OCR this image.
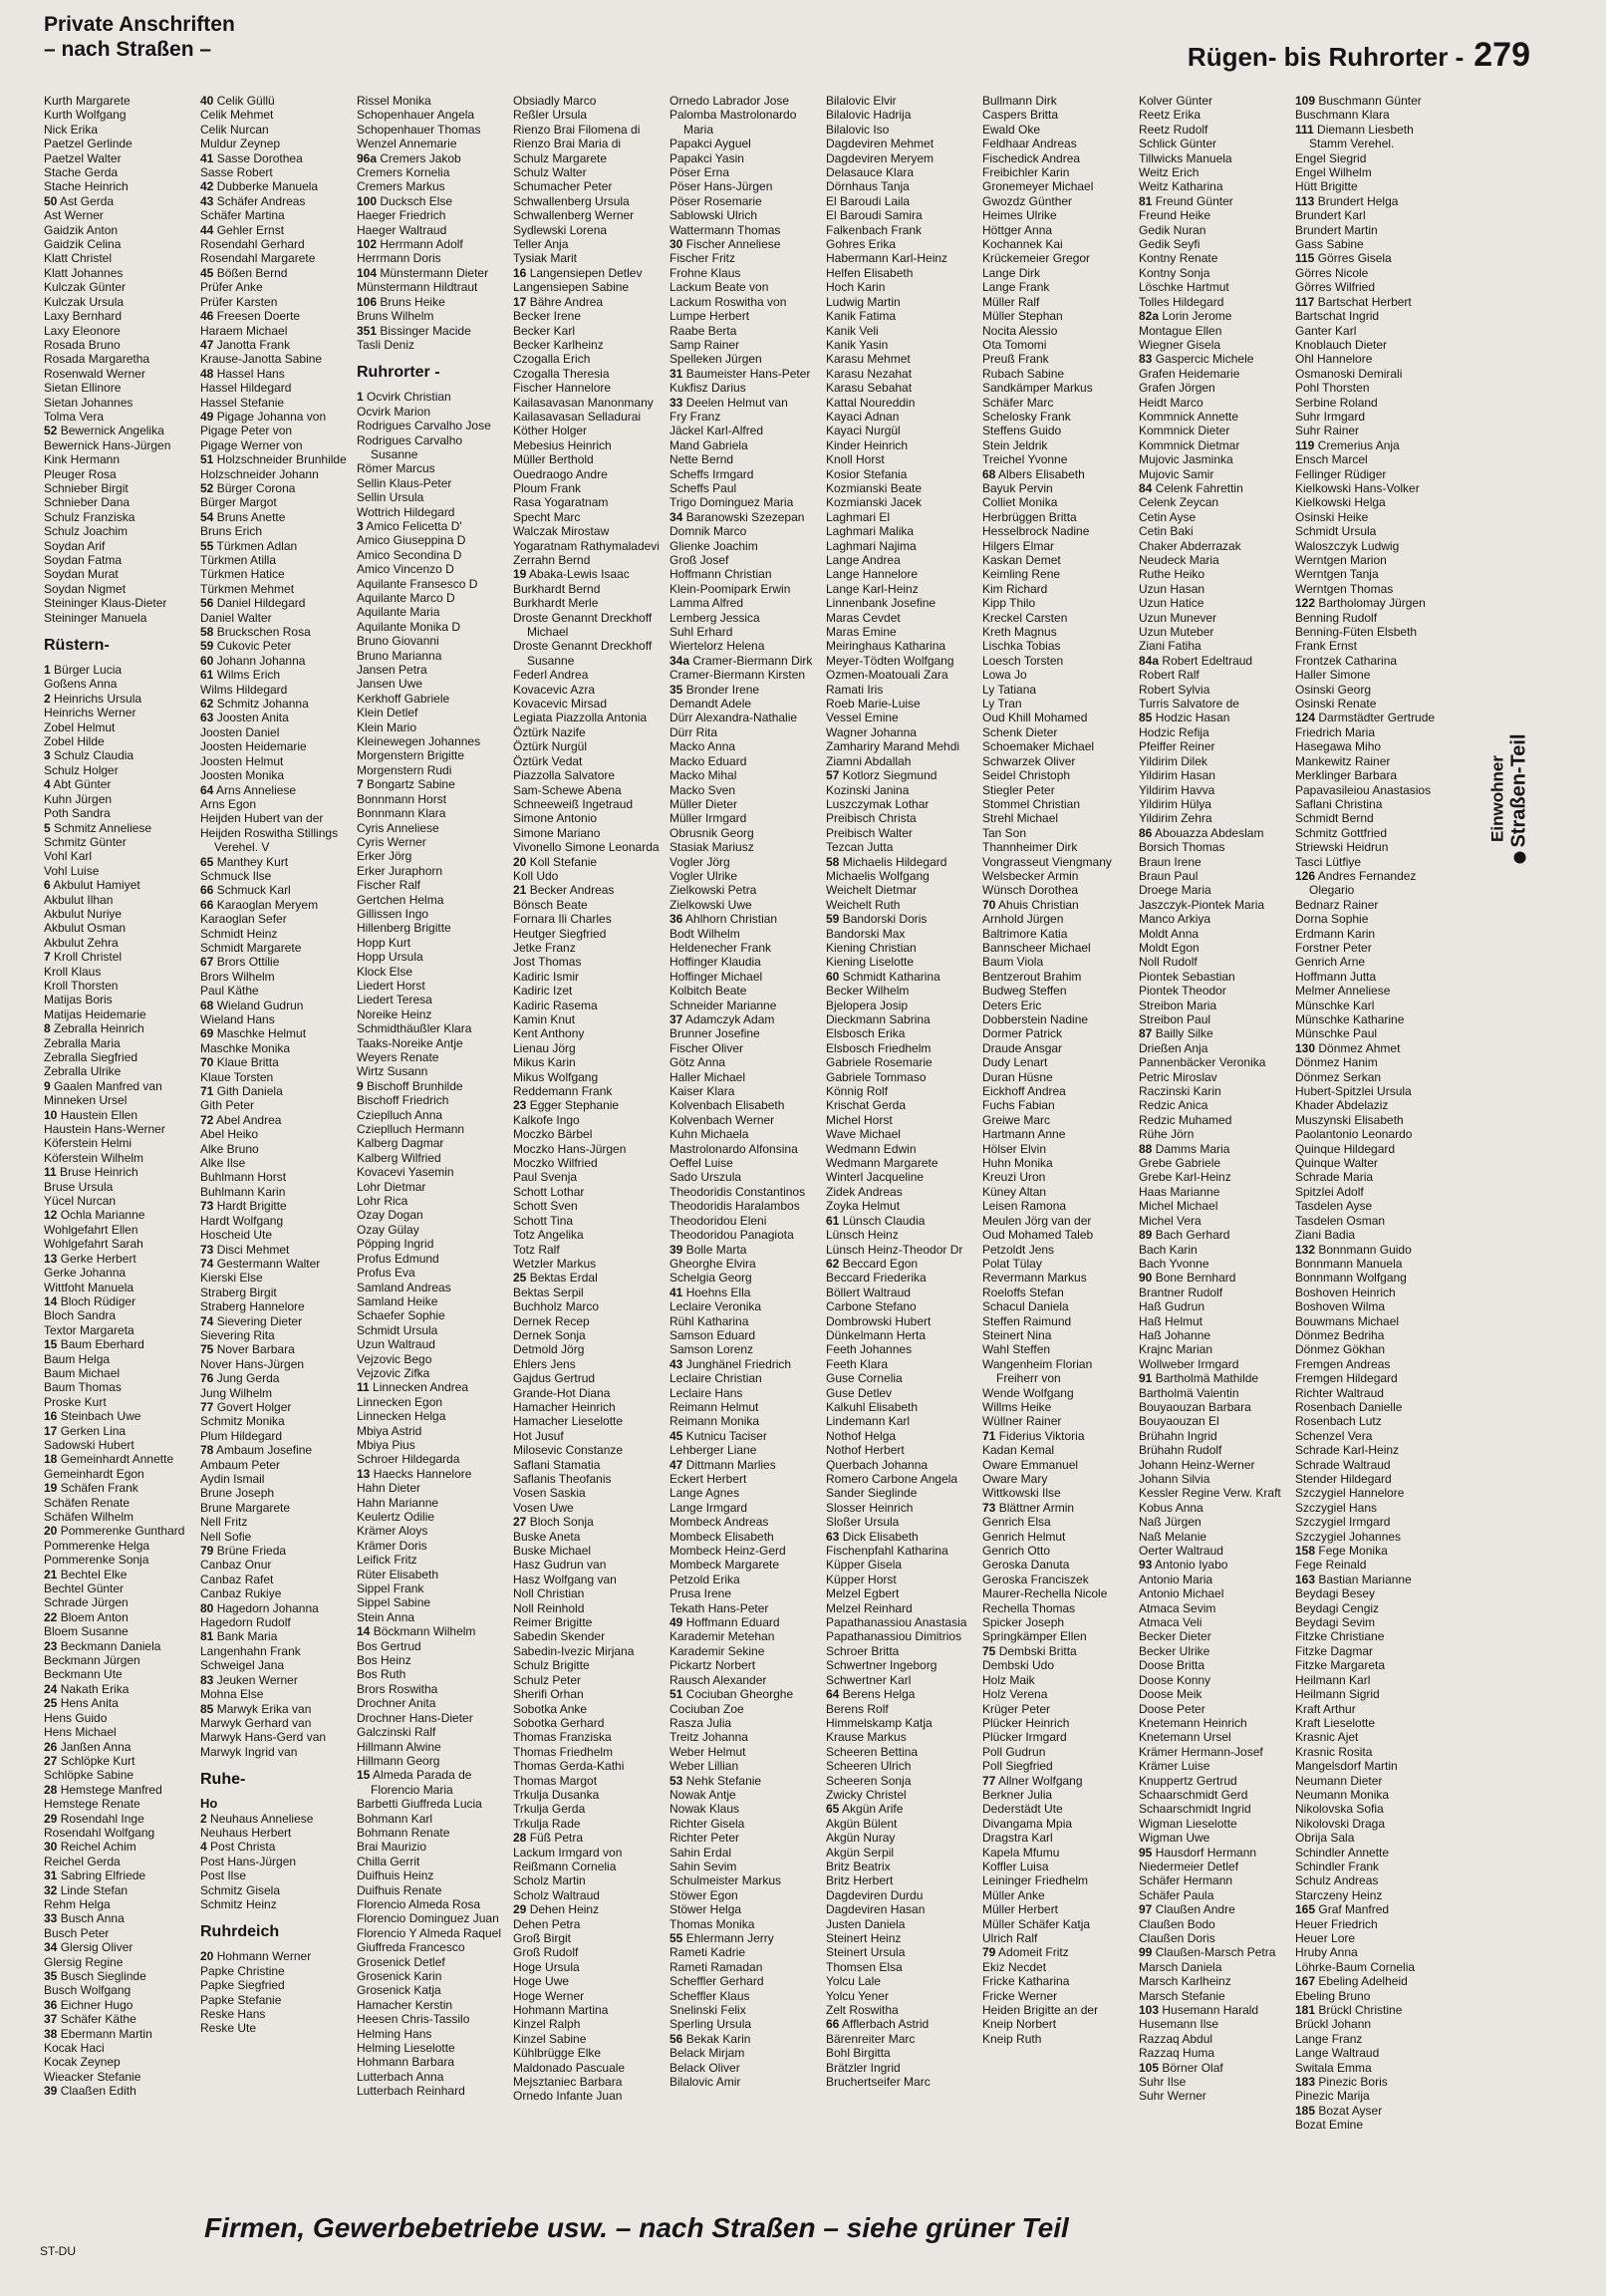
Private Anschriften
– nach Straßen –	Rügen- bis Ruhrorter - 279
Kurth Margarete
Kurth Wolfgang
Nick Erika
Paetzel Gerlinde
Paetzel Walter
Stache Gerda
Stache Heinrich
50 Ast Gerda
Ast Werner
Gaidzik Anton
Gaidzik Celina
Klatt Christel
Klatt Johannes
Kulczak Günter
Kulczak Ursula
Laxy Bernhard
Laxy Eleonore
Rosada Bruno
Rosada Margaretha
Rosenwald Werner
Sietan Ellinore
Sietan Johannes
Tolma Vera
52 Bewernick Angelika
Bewernick Hans-Jürgen
Kink Hermann
Pleuger Rosa
Schnieber Birgit
Schnieber Dana
Schulz Franziska
Schulz Joachim
Soydan Arif
Soydan Fatma
Soydan Murat
Soydan Nigmet
Steininger Klaus-Dieter
Steininger Manuela
Rüstern-
1 Bürger Lucia
Goßens Anna
2 Heinrichs Ursula
Heinrichs Werner
Zobel Helmut
Zobel Hilde
3 Schulz Claudia
Schulz Holger
4 Abt Günter
Kuhn Jürgen
Poth Sandra
5 Schmitz Anneliese
Schmitz Günter
Vohl Karl
Vohl Luise
6 Akbulut Hamiyet
Akbulut Ilhan
Akbulut Nuriye
Akbulut Osman
Akbulut Zehra
7 Kroll Christel
Kroll Klaus
Kroll Thorsten
Matijas Boris
Matijas Heidemarie
8 Zebralla Heinrich
Zebralla Maria
Zebralla Siegfried
Zebralla Ulrike
9 Gaalen Manfred van
Minneken Ursel
10 Haustein Ellen
Haustein Hans-Werner
Köferstein Helmi
Köferstein Wilhelm
11 Bruse Heinrich
Bruse Ursula
Yücel Nurcan
12 Ochla Marianne
Wohlgefahrt Ellen
Wohlgefahrt Sarah
13 Gerke Herbert
Gerke Johanna
Wittfoht Manuela
14 Bloch Rüdiger
Bloch Sandra
Textor Margareta
15 Baum Eberhard
Baum Helga
Baum Michael
Baum Thomas
Proske Kurt
16 Steinbach Uwe
17 Gerken Lina
Sadowski Hubert
18 Gemeinhardt Annette
Gemeinhardt Egon
19 Schäfen Frank
Schäfen Renate
Schäfen Wilhelm
20 Pommerenke Gunthard
Pommerenke Helga
Pommerenke Sonja
21 Bechtel Elke
Bechtel Günter
Schrade Jürgen
22 Bloem Anton
Bloem Susanne
23 Beckmann Daniela
Beckmann Jürgen
Beckmann Ute
24 Nakath Erika
25 Hens Anita
Hens Guido
Hens Michael
26 Janßen Anna
27 Schlöpke Kurt
Schlöpke Sabine
28 Hemstege Manfred
Hemstege Renate
29 Rosendahl Inge
Rosendahl Wolfgang
30 Reichel Achim
Reichel Gerda
31 Sabring Elfriede
32 Linde Stefan
Rehm Helga
33 Busch Anna
Busch Peter
34 Glersig Oliver
Glersig Regine
35 Busch Sieglinde
Busch Wolfgang
36 Eichner Hugo
37 Schäfer Käthe
38 Ebermann Martin
Kocak Haci
Kocak Zeynep
Wieacker Stefanie
39 Claaßen Edith
40 Celik Güllü
Celik Mehmet
Celik Nurcan
Muldur Zeynep
41 Sasse Dorothea
Sasse Robert
42 Dubberke Manuela
43 Schäfer Andreas
Schäfer Martina
44 Gehler Ernst
Rosendahl Gerhard
Rosendahl Margarete
45 Bößen Bernd
Prüfer Anke
Prüfer Karsten
46 Freesen Doerte
Haraem Michael
47 Janotta Frank
Krause-Janotta Sabine
48 Hassel Hans
Hassel Hildegard
Hassel Stefanie
49 Pigage Johanna von
Pigage Peter von
Pigage Werner von
51 Holzschneider Brunhilde
Holzschneider Johann
52 Bürger Corona
Bürger Margot
54 Bruns Anette
Bruns Erich
55 Türkmen Adlan
Türkmen Atilla
Türkmen Hatice
Türkmen Mehmet
56 Daniel Hildegard
Daniel Walter
58 Bruckschen Rosa
59 Cukovic Peter
60 Johann Johanna
61 Wilms Erich
Wilms Hildegard
62 Schmitz Johanna
63 Joosten Anita
Joosten Daniel
Joosten Heidemarie
Joosten Helmut
Joosten Monika
64 Arns Anneliese
Arns Egon
Heijden Hubert van der
Heijden Roswitha Stillings
Verehel. V
65 Manthey Kurt
Schmuck Ilse
66 Schmuck Karl
66 Karaoglan Meryem
Karaoglan Sefer
Schmidt Heinz
Schmidt Margarete
67 Brors Ottilie
Brors Wilhelm
Paul Käthe
68 Wieland Gudrun
Wieland Hans
69 Maschke Helmut
Maschke Monika
70 Klaue Britta
Klaue Torsten
71 Gith Daniela
Gith Peter
72 Abel Andrea
Abel Heiko
Alke Bruno
Alke Ilse
Buhlmann Horst
Buhlmann Karin
73 Hardt Brigitte
Hardt Wolfgang
Hoscheid Ute
73 Disci Mehmet
74 Gestermann Walter
Kierski Else
Straberg Birgit
Straberg Hannelore
74 Sievering Dieter
Sievering Rita
75 Nover Barbara
Nover Hans-Jürgen
76 Jung Gerda
Jung Wilhelm
77 Govert Holger
Schmitz Monika
Plum Hildegard
78 Ambaum Josefine
Ambaum Peter
Aydin Ismail
Brune Joseph
Brune Margarete
Nell Fritz
Nell Sofie
79 Brüne Frieda
Canbaz Onur
Canbaz Rafet
Canbaz Rukiye
80 Hagedorn Johanna
Hagedorn Rudolf
81 Bank Maria
Langenhahn Frank
Schweigel Jana
83 Jeuken Werner
Mohna Else
85 Marwyk Erika van
Marwyk Gerhard van
Marwyk Hans-Gerd van
Marwyk Ingrid van
Ruhe-
Ho
2 Neuhaus Anneliese
Neuhaus Herbert
4 Post Christa
Post Hans-Jürgen
Post Ilse
Schmitz Gisela
Schmitz Heinz
Ruhrdeich
20 Hohmann Werner
Papke Christine
Papke Siegfried
Papke Stefanie
Reske Hans
Reske Ute
Rissel Monika
Schopenhauer Angela
Schopenhauer Thomas
Wenzel Annemarie
96a Cremers Jakob
Cremers Kornelia
Cremers Markus
100 Ducksch Else
Haeger Friedrich
Haeger Waltraud
102 Herrmann Adolf
Herrmann Doris
104 Münstermann Dieter
Münstermann Hildtraut
106 Bruns Heike
Bruns Wilhelm
351 Bissinger Macide
Tasli Deniz
Ruhrorter -
1 Ocvirk Christian
Ocvirk Marion
Rodrigues Carvalho Jose
Rodrigues Carvalho
Susanne
Römer Marcus
Sellin Klaus-Peter
Sellin Ursula
Wottrich Hildegard
3 Amico Felicetta D'
Amico Giuseppina D
Amico Secondina D
Amico Vincenzo D
Aquilante Fransesco D
Aquilante Marco D
Aquilante Maria
Aquilante Monika D
Bruno Giovanni
Bruno Marianna
Jansen Petra
Jansen Uwe
Kerkhoff Gabriele
Klein Detlef
Klein Mario
Kleinewegen Johannes
Morgenstern Brigitte
Morgenstern Rudi
7 Bongartz Sabine
Bonnmann Horst
Bonnmann Klara
Cyris Anneliese
Cyris Werner
Erker Jörg
Erker Juraphorn
Fischer Ralf
Gertchen Helma
Gillissen Ingo
Hillenberg Brigitte
Hopp Kurt
Hopp Ursula
Klock Else
Liedert Horst
Liedert Teresa
Noreike Heinz
Schmidthäußler Klara
Taaks-Noreike Antje
Weyers Renate
Wirtz Susann
9 Bischoff Brunhilde
Bischoff Friedrich
Czieplluch Anna
Czieplluch Hermann
Kalberg Dagmar
Kalberg Wilfried
Kovacevi Yasemin
Lohr Dietmar
Lohr Rica
Ozay Dogan
Ozay Gülay
Pöpping Ingrid
Profus Edmund
Profus Eva
Samland Andreas
Samland Heike
Schaefer Sophie
Schmidt Ursula
Uzun Waltraud
Vejzovic Bego
Vejzovic Zifka
11 Linnecken Andrea
Linnecken Egon
Linnecken Helga
Mbiya Astrid
Mbiya Pius
Schroer Hildegarda
13 Haecks Hannelore
Hahn Dieter
Hahn Marianne
Keulertz Odilie
Krämer Aloys
Krämer Doris
Leifick Fritz
Rüter Elisabeth
Sippel Frank
Sippel Sabine
Stein Anna
14 Böckmann Wilhelm
Bos Gertrud
Bos Heinz
Bos Ruth
Brors Roswitha
Drochner Anita
Drochner Hans-Dieter
Galczinski Ralf
Hillmann Alwine
Hillmann Georg
15 Almeda Parada de
Florencio Maria
Barbetti Giuffreda Lucia
Bohmann Karl
Bohmann Renate
Brai Maurizio
Chilla Gerrit
Duifhuis Heinz
Duifhuis Renate
Florencio Almeda Rosa
Florencio Dominguez Juan
Florencio Y Almeda Raquel
Giuffreda Francesco
Grosenick Detlef
Grosenick Karin
Grosenick Katja
Hamacher Kerstin
Heesen Chris-Tassilo
Helming Hans
Helming Lieselotte
Hohmann Barbara
Lutterbach Anna
Lutterbach Reinhard
Obsiadly Marco
Reßler Ursula
Rienzo Brai Filomena di
Rienzo Brai Maria di
Schulz Margarete
Schulz Walter
Schumacher Peter
Schwallenberg Ursula
Schwallenberg Werner
Sydlewski Lorena
Teller Anja
Tysiak Marit
16 Langensiepen Detlev
Langensiepen Sabine
17 Bähre Andrea
Becker Irene
Becker Karl
Becker Karlheinz
Czogalla Erich
Czogalla Theresia
Fischer Hannelore
Kailasavasan Manonmany
Kailasavasan Selladurai
Köther Holger
Mebesius Heinrich
Müller Berthold
Ouedraogo Andre
Ploum Frank
Rasa Yogaratnam
Specht Marc
Walczak Mirostaw
Yogaratnam Rathymaladevi
Zerrahn Bernd
19 Abaka-Lewis Isaac
Burkhardt Bernd
Burkhardt Merle
Droste Genannt Dreckhoff
Michael
Droste Genannt Dreckhoff
Susanne
Federl Andrea
Kovacevic Azra
Kovacevic Mirsad
Legiata Piazzolla Antonia
Öztürk Nazife
Öztürk Nurgül
Öztürk Vedat
Piazzolla Salvatore
Sam-Schewe Abena
Schneeweiß Ingetraud
Simone Antonio
Simone Mariano
Vivonello Simone Leonarda
20 Koll Stefanie
Koll Udo
21 Becker Andreas
Bönsch Beate
Fornara Ili Charles
Heutger Siegfried
Jetke Franz
Jost Thomas
Kadiric Ismir
Kadiric Izet
Kadiric Rasema
Kamin Knut
Kent Anthony
Lienau Jörg
Mikus Karin
Mikus Wolfgang
Reddemann Frank
23 Egger Stephanie
Kalkofe Ingo
Moczko Bärbel
Moczko Hans-Jürgen
Moczko Wilfried
Paul Svenja
Schott Lothar
Schott Sven
Schott Tina
Totz Angelika
Totz Ralf
Wetzler Markus
25 Bektas Erdal
Bektas Serpil
Buchholz Marco
Dernek Recep
Dernek Sonja
Detmold Jörg
Ehlers Jens
Gajdus Gertrud
Grande-Hot Diana
Hamacher Heinrich
Hamacher Lieselotte
Hot Jusuf
Milosevic Constanze
Saflani Stamatia
Saflanis Theofanis
Vosen Saskia
Vosen Uwe
27 Bloch Sonja
Buske Aneta
Buske Michael
Hasz Gudrun van
Hasz Wolfgang van
Noll Christian
Noll Reinhold
Reimer Brigitte
Sabedin Skender
Sabedin-Ivezic Mirjana
Schulz Brigitte
Schulz Peter
Sherifi Orhan
Sobotka Anke
Sobotka Gerhard
Thomas Franziska
Thomas Friedhelm
Thomas Gerda-Kathi
Thomas Margot
Trkulja Dusanka
Trkulja Gerda
Trkulja Rade
28 Füß Petra
Lackum Irmgard von
Reißmann Cornelia
Scholz Martin
Scholz Waltraud
29 Dehen Heinz
Dehen Petra
Groß Birgit
Groß Rudolf
Hoge Ursula
Hoge Uwe
Hoge Werner
Hohmann Martina
Kinzel Ralph
Kinzel Sabine
Kühlbrügge Elke
Maldonado Pascuale
Mejsztaniec Barbara
Ornedo Infante Juan
Ornedo Labrador Jose
Palomba Mastrolonardo
Maria
Papakci Ayguel
Papakci Yasin
Pöser Erna
Pöser Hans-Jürgen
Pöser Rosemarie
Sablowski Ulrich
Wattermann Thomas
30 Fischer Anneliese
Fischer Fritz
Frohne Klaus
Lackum Beate von
Lackum Roswitha von
Lumpe Herbert
Raabe Berta
Samp Rainer
Spelleken Jürgen
31 Baumeister Hans-Peter
Kukfisz Darius
33 Deelen Helmut van
Fry Franz
Jäckel Karl-Alfred
Mand Gabriela
Nette Bernd
Scheffs Irmgard
Scheffs Paul
Trigo Dominguez Maria
34 Baranowski Szezepan
Domnik Marco
Glienke Joachim
Groß Josef
Hoffmann Christian
Klein-Poomipark Erwin
Lamma Alfred
Lemberg Jessica
Suhl Erhard
Wiertelorz Helena
34a Cramer-Biermann Dirk
Cramer-Biermann Kirsten
35 Bronder Irene
Demandt Adele
Dürr Alexandra-Nathalie
Dürr Rita
Macko Anna
Macko Eduard
Macko Mihal
Macko Sven
Müller Dieter
Müller Irmgard
Obrusnik Georg
Stasiak Mariusz
Vogler Jörg
Vogler Ulrike
Zielkowski Petra
Zielkowski Uwe
36 Ahlhorn Christian
Bodt Wilhelm
Heldenecher Frank
Hoffinger Klaudia
Hoffinger Michael
Kolbitch Beate
Schneider Marianne
37 Adamczyk Adam
Brunner Josefine
Fischer Oliver
Götz Anna
Haller Michael
Kaiser Klara
Kolvenbach Elisabeth
Kolvenbach Werner
Kuhn Michaela
Mastrolonardo Alfonsina
Oeffel Luise
Sado Urszula
Theodoridis Constantinos
Theodoridis Haralambos
Theodoridou Eleni
Theodoridou Panagiota
39 Bolle Marta
Gheorghe Elvira
Schelgia Georg
41 Hoehns Ella
Leclaire Veronika
Rühl Katharina
Samson Eduard
Samson Lorenz
43 Junghänel Friedrich
Leclaire Christian
Leclaire Hans
Reimann Helmut
Reimann Monika
45 Kutnicu Taciser
Lehberger Liane
47 Dittmann Marlies
Eckert Herbert
Lange Agnes
Lange Irmgard
Mombeck Andreas
Mombeck Elisabeth
Mombeck Heinz-Gerd
Mombeck Margarete
Petzold Erika
Prusa Irene
Tekath Hans-Peter
49 Hoffmann Eduard
Karademir Metehan
Karademir Sekine
Pickartz Norbert
Rausch Alexander
51 Cociuban Gheorghe
Cociuban Zoe
Rasza Julia
Treitz Johanna
Weber Helmut
Weber Lillian
53 Nehk Stefanie
Nowak Antje
Nowak Klaus
Richter Gisela
Richter Peter
Sahin Erdal
Sahin Sevim
Schulmeister Markus
Stöwer Egon
Stöwer Helga
Thomas Monika
55 Ehlermann Jerry
Rameti Kadrie
Rameti Ramadan
Scheffler Gerhard
Scheffler Klaus
Snelinski Felix
Sperling Ursula
56 Bekak Karin
Belack Mirjam
Belack Oliver
Bilalovic Amir
Bilalovic Elvir
Bilalovic Hadrija
Bilalovic Iso
Dagdeviren Mehmet
Dagdeviren Meryem
Delasauce Klara
Dörnhaus Tanja
El Baroudi Laila
El Baroudi Samira
Falkenbach Frank
Gohres Erika
Habermann Karl-Heinz
Helfen Elisabeth
Hoch Karin
Ludwig Martin
Kanik Fatima
Kanik Veli
Kanik Yasin
Karasu Mehmet
Karasu Nezahat
Karasu Sebahat
Kattal Noureddin
Kayaci Adnan
Kayaci Nurgül
Kinder Heinrich
Knoll Horst
Kosior Stefania
Kozmianski Beate
Kozmianski Jacek
Laghmari El
Laghmari Malika
Laghmari Najima
Lange Andrea
Lange Hannelore
Lange Karl-Heinz
Linnenbank Josefine
Maras Cevdet
Maras Emine
Meiringhaus Katharina
Meyer-Tödten Wolfgang
Ozmen-Moatouali Zara
Ramati Iris
Roeb Marie-Luise
Vessel Emine
Wagner Johanna
Zamhariry Marand Mehdi
Ziamni Abdallah
57 Kotlorz Siegmund
Kozinski Janina
Luszczymak Lothar
Preibisch Christa
Preibisch Walter
Tezcan Jutta
58 Michaelis Hildegard
Michaelis Wolfgang
Weichelt Dietmar
Weichelt Ruth
59 Bandorski Doris
Bandorski Max
Kiening Christian
Kiening Liselotte
60 Schmidt Katharina
Becker Wilhelm
Bjelopera Josip
Dieckmann Sabrina
Elsbosch Erika
Elsbosch Friedhelm
Gabriele Rosemarie
Gabriele Tommaso
Könnig Rolf
Krischat Gerda
Michel Horst
Wave Michael
Wedmann Edwin
Wedmann Margarete
Winterl Jacqueline
Zidek Andreas
Zoyka Helmut
61 Lünsch Claudia
Lünsch Heinz
Lünsch Heinz-Theodor Dr
62 Beccard Egon
Beccard Friederika
Böllert Waltraud
Carbone Stefano
Dombrowski Hubert
Dünkelmann Herta
Feeth Johannes
Feeth Klara
Guse Cornelia
Guse Detlev
Kalkuhl Elisabeth
Lindemann Karl
Nothof Helga
Nothof Herbert
Querbach Johanna
Romero Carbone Angela
Sander Sieglinde
Slosser Heinrich
Sloßer Ursula
63 Dick Elisabeth
Fischenpfahl Katharina
Küpper Gisela
Küpper Horst
Melzel Egbert
Melzel Reinhard
Papathanassiou Anastasia
Papathanassiou Dimitrios
Schroer Britta
Schwertner Ingeborg
Schwertner Karl
64 Berens Helga
Berens Rolf
Himmelskamp Katja
Krause Markus
Scheeren Bettina
Scheeren Ulrich
Scheeren Sonja
Zwicky Christel
65 Akgün Arife
Akgün Bülent
Akgün Nuray
Akgün Serpil
Britz Beatrix
Britz Herbert
Dagdeviren Durdu
Dagdeviren Hasan
Justen Daniela
Steinert Heinz
Steinert Ursula
Thomsen Elsa
Yolcu Lale
Yolcu Yener
Zelt Roswitha
66 Afflerbach Astrid
Bärenreiter Marc
Bohl Birgitta
Brätzler Ingrid
Bruchertseifer Marc
Bullmann Dirk
Caspers Britta
Ewald Oke
Feldhaar Andreas
Fischedick Andrea
Freibichler Karin
Gronemeyer Michael
Gwozdz Günther
Heimes Ulrike
Höttger Anna
Kochannek Kai
Krückemeier Gregor
Lange Dirk
Lange Frank
Müller Ralf
Müller Stephan
Nocita Alessio
Ota Tomomi
Preuß Frank
Rubach Sabine
Sandkämper Markus
Schäfer Marc
Schelosky Frank
Steffens Guido
Stein Jeldrik
Treichel Yvonne
68 Albers Elisabeth
Bayuk Pervin
Colliet Monika
Herbrüggen Britta
Hesselbrock Nadine
Hilgers Elmar
Kaskan Demet
Keimling Rene
Kim Richard
Kipp Thilo
Kreckel Carsten
Kreth Magnus
Lischka Tobias
Loesch Torsten
Lowa Jo
Ly Tatiana
Ly Tran
Oud Khill Mohamed
Schenk Dieter
Schoemaker Michael
Schwarzek Oliver
Seidel Christoph
Stiegler Peter
Stommel Christian
Strehl Michael
Tan Son
Thannheimer Dirk
Vongrasseut Viengmany
Welsbecker Armin
Wünsch Dorothea
70 Ahuis Christian
Arnhold Jürgen
Baltrimore Katia
Bannscheer Michael
Baum Viola
Bentzerout Brahim
Budweg Steffen
Deters Eric
Dobberstein Nadine
Dormer Patrick
Draude Ansgar
Dudy Lenart
Duran Hüsne
Eickhoff Andrea
Fuchs Fabian
Greiwe Marc
Hartmann Anne
Hölser Elvin
Huhn Monika
Kreuzi Uron
Küney Altan
Leisen Ramona
Meulen Jörg van der
Oud Mohamed Taleb
Petzoldt Jens
Polat Tülay
Revermann Markus
Roeloffs Stefan
Schacul Daniela
Steffen Raimund
Steinert Nina
Wahl Steffen
Wangenheim Florian
Freiherr von
Wende Wolfgang
Willms Heike
Wüllner Rainer
71 Fiderius Viktoria
Kadan Kemal
Oware Emmanuel
Oware Mary
Wittkowski Ilse
73 Blättner Armin
Genrich Elsa
Genrich Helmut
Genrich Otto
Geroska Danuta
Geroska Franciszek
Maurer-Rechella Nicole
Rechella Thomas
Spicker Joseph
Springkämper Ellen
75 Dembski Britta
Dembski Udo
Holz Maik
Holz Verena
Krüger Peter
Plücker Heinrich
Plücker Irmgard
Poll Gudrun
Poll Siegfried
77 Allner Wolfgang
Berkner Julia
Dederstädt Ute
Divangama Mpia
Dragstra Karl
Kapela Mfumu
Koffler Luisa
Leininger Friedhelm
Müller Anke
Müller Herbert
Müller Schäfer Katja
Ulrich Ralf
79 Adomeit Fritz
Ekiz Necdet
Fricke Katharina
Fricke Werner
Heiden Brigitte an der
Kneip Norbert
Kneip Ruth
Kolver Günter
Reetz Erika
Reetz Rudolf
Schlick Günter
Tillwicks Manuela
Weitz Erich
Weitz Katharina
81 Freund Günter
Freund Heike
Gedik Nuran
Gedik Seyfi
Kontny Renate
Kontny Sonja
Löschke Hartmut
Tolles Hildegard
82a Lorin Jerome
Montague Ellen
Wiegner Gisela
83 Gaspercic Michele
Grafen Heidemarie
Grafen Jörgen
Heidt Marco
Kommnick Annette
Kommnick Dieter
Kommnick Dietmar
Mujovic Jasminka
Mujovic Samir
84 Celenk Fahrettin
Celenk Zeycan
Cetin Ayse
Cetin Baki
Chaker Abderrazak
Neudeck Maria
Ruthe Heiko
Uzun Hasan
Uzun Hatice
Uzun Munever
Uzun Muteber
Ziani Fatiha
84a Robert Edeltraud
Robert Ralf
Robert Sylvia
Turris Salvatore de
85 Hodzic Hasan
Hodzic Refija
Pfeiffer Reiner
Yildirim Dilek
Yildirim Hasan
Yildirim Havva
Yildirim Hülya
Yildirim Zehra
86 Abouazza Abdeslam
Borsich Thomas
Braun Irene
Braun Paul
Droege Maria
Jaszczyk-Piontek Maria
Manco Arkiya
Moldt Anna
Moldt Egon
Noll Rudolf
Piontek Sebastian
Piontek Theodor
Streibon Maria
Streibon Paul
87 Bailly Silke
Drießen Anja
Pannenbäcker Veronika
Petric Miroslav
Raczinski Karin
Redzic Anica
Redzic Muhamed
Rühe Jörn
88 Damms Maria
Grebe Gabriele
Grebe Karl-Heinz
Haas Marianne
Michel Michael
Michel Vera
89 Bach Gerhard
Bach Karin
Bach Yvonne
90 Bone Bernhard
Brantner Rudolf
Haß Gudrun
Haß Helmut
Haß Johanne
Krajnc Marian
Wollweber Irmgard
91 Bartholmä Mathilde
Bartholmä Valentin
Bouyaouzan Barbara
Bouyaouzan El
Brühahn Ingrid
Brühahn Rudolf
Johann Heinz-Werner
Johann Silvia
Kessler Regine Verw. Kraft
Kobus Anna
Naß Jürgen
Naß Melanie
Oerter Waltraud
93 Antonio Iyabo
Antonio Maria
Antonio Michael
Atmaca Sevim
Atmaca Veli
Becker Dieter
Becker Ulrike
Doose Britta
Doose Konny
Doose Meik
Doose Peter
Knetemann Heinrich
Knetemann Ursel
Krämer Hermann-Josef
Krämer Luise
Knuppertz Gertrud
Schaarschmidt Gerd
Schaarschmidt Ingrid
Wigman Lieselotte
Wigman Uwe
95 Hausdorf Hermann
Niedermeier Detlef
Schäfer Hermann
Schäfer Paula
97 Claußen Andre
Claußen Bodo
Claußen Doris
99 Claußen-Marsch Petra
Marsch Daniela
Marsch Karlheinz
Marsch Stefanie
103 Husemann Harald
Husemann Ilse
Razzaq Abdul
Razzaq Huma
105 Börner Olaf
Suhr Ilse
Suhr Werner
109 Buschmann Günter
Buschmann Klara
111 Diemann Liesbeth
Stamm Verehel.
Engel Siegrid
Engel Wilhelm
Hütt Brigitte
113 Brundert Helga
Brundert Karl
Brundert Martin
Gass Sabine
115 Görres Gisela
Görres Nicole
Görres Wilfried
117 Bartschat Herbert
Bartschat Ingrid
Ganter Karl
Knoblauch Dieter
Ohl Hannelore
Osmanoski Demirali
Pohl Thorsten
Serbine Roland
Suhr Irmgard
Suhr Rainer
119 Cremerius Anja
Ensch Marcel
Fellinger Rüdiger
Kielkowski Hans-Volker
Kielkowski Helga
Osinski Heike
Schmidt Ursula
Waloszczyk Ludwig
Werntgen Marion
Werntgen Tanja
Werntgen Thomas
122 Bartholomay Jürgen
Benning Rudolf
Benning-Füten Elsbeth
Frank Ernst
Frontzek Catharina
Haller Simone
Osinski Georg
Osinski Renate
124 Darmstädter Gertrude
Friedrich Maria
Hasegawa Miho
Mankewitz Rainer
Merklinger Barbara
Papavasileiou Anastasios
Saflani Christina
Schmidt Bernd
Schmitz Gottfried
Striewski Heidrun
Tasci Lütfiye
126 Andres Fernandez
Olegario
Bednarz Rainer
Dorna Sophie
Erdmann Karin
Forstner Peter
Genrich Arne
Hoffmann Jutta
Melmer Anneliese
Münschke Karl
Münschke Katharine
Münschke Paul
130 Dönmez Ahmet
Dönmez Hanim
Dönmez Serkan
Hubert-Spitzlei Ursula
Khader Abdelaziz
Muszynski Elisabeth
Paolantonio Leonardo
Quinque Hildegard
Quinque Walter
Schrade Maria
Spitzlei Adolf
Tasdelen Ayse
Tasdelen Osman
Ziani Badia
132 Bonnmann Guido
Bonnmann Manuela
Bonnmann Wolfgang
Boshoven Heinrich
Boshoven Wilma
Bouwmans Michael
Dönmez Bedriha
Dönmez Gökhan
Fremgen Andreas
Fremgen Hildegard
Richter Waltraud
Rosenbach Danielle
Rosenbach Lutz
Schenzel Vera
Schrade Karl-Heinz
Schrade Waltraud
Stender Hildegard
Szczygiel Hannelore
Szczygiel Hans
Szczygiel Irmgard
Szczygiel Johannes
158 Fege Monika
Fege Reinald
163 Bastian Marianne
Beydagi Besey
Beydagi Cengiz
Beydagi Sevim
Fitzke Christiane
Fitzke Dagmar
Fitzke Margareta
Heilmann Karl
Heilmann Sigrid
Kraft Arthur
Kraft Lieselotte
Krasnic Ajet
Krasnic Rosita
Mangelsdorf Martin
Neumann Dieter
Neumann Monika
Nikolovska Sofia
Nikolovski Draga
Obrija Sala
Schindler Annette
Schindler Frank
Schulz Andreas
Starczeny Heinz
165 Graf Manfred
Heuer Friedrich
Heuer Lore
Hruby Anna
Löhrke-Baum Cornelia
167 Ebeling Adelheid
Ebeling Bruno
181 Brückl Christine
Brückl Johann
Lange Franz
Lange Waltraud
Switala Emma
183 Pinezic Boris
Pinezic Marija
185 Bozat Ayser
Bozat Emine
Einwohner Straßen-Teil
ST-DU
Firmen, Gewerbebetriebe usw. – nach Straßen – siehe grüner Teil
